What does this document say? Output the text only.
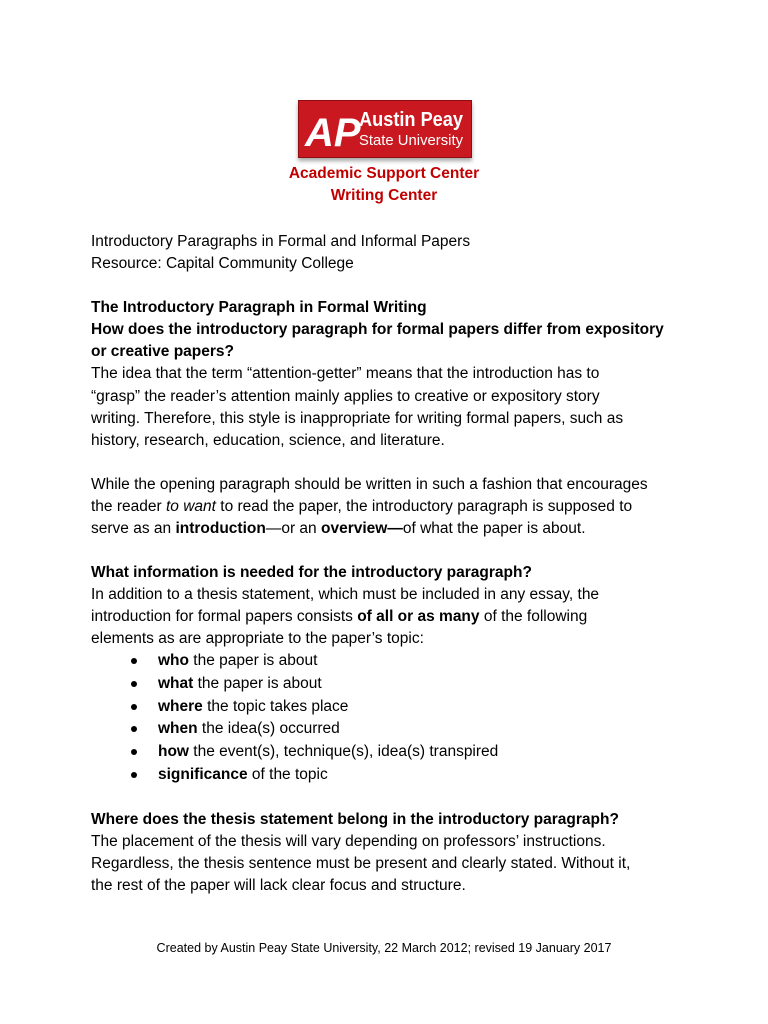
AP
Austin Peay
State University
Academic Support Center
Writing Center
Introductory Paragraphs in Formal and Informal Papers
Resource: Capital Community College
The Introductory Paragraph in Formal Writing
How does the introductory paragraph for formal papers differ from expository
or creative papers?
The idea that the term “attention-getter” means that the introduction has to
“grasp” the reader’s attention mainly applies to creative or expository story
writing. Therefore, this style is inappropriate for writing formal papers, such as
history, research, education, science, and literature.
While the opening paragraph should be written in such a fashion that encourages
the reader to want to read the paper, the introductory paragraph is supposed to
serve as an introduction—or an overview—of what the paper is about.
What information is needed for the introductory paragraph?
In addition to a thesis statement, which must be included in any essay, the
introduction for formal papers consists of all or as many of the following
elements as are appropriate to the paper’s topic:
who the paper is about
what the paper is about
where the topic takes place
when the idea(s) occurred
how the event(s), technique(s), idea(s) transpired
significance of the topic
Where does the thesis statement belong in the introductory paragraph?
The placement of the thesis will vary depending on professors’ instructions.
Regardless, the thesis sentence must be present and clearly stated. Without it,
the rest of the paper will lack clear focus and structure.
Created by Austin Peay State University, 22 March 2012; revised 19 January 2017
